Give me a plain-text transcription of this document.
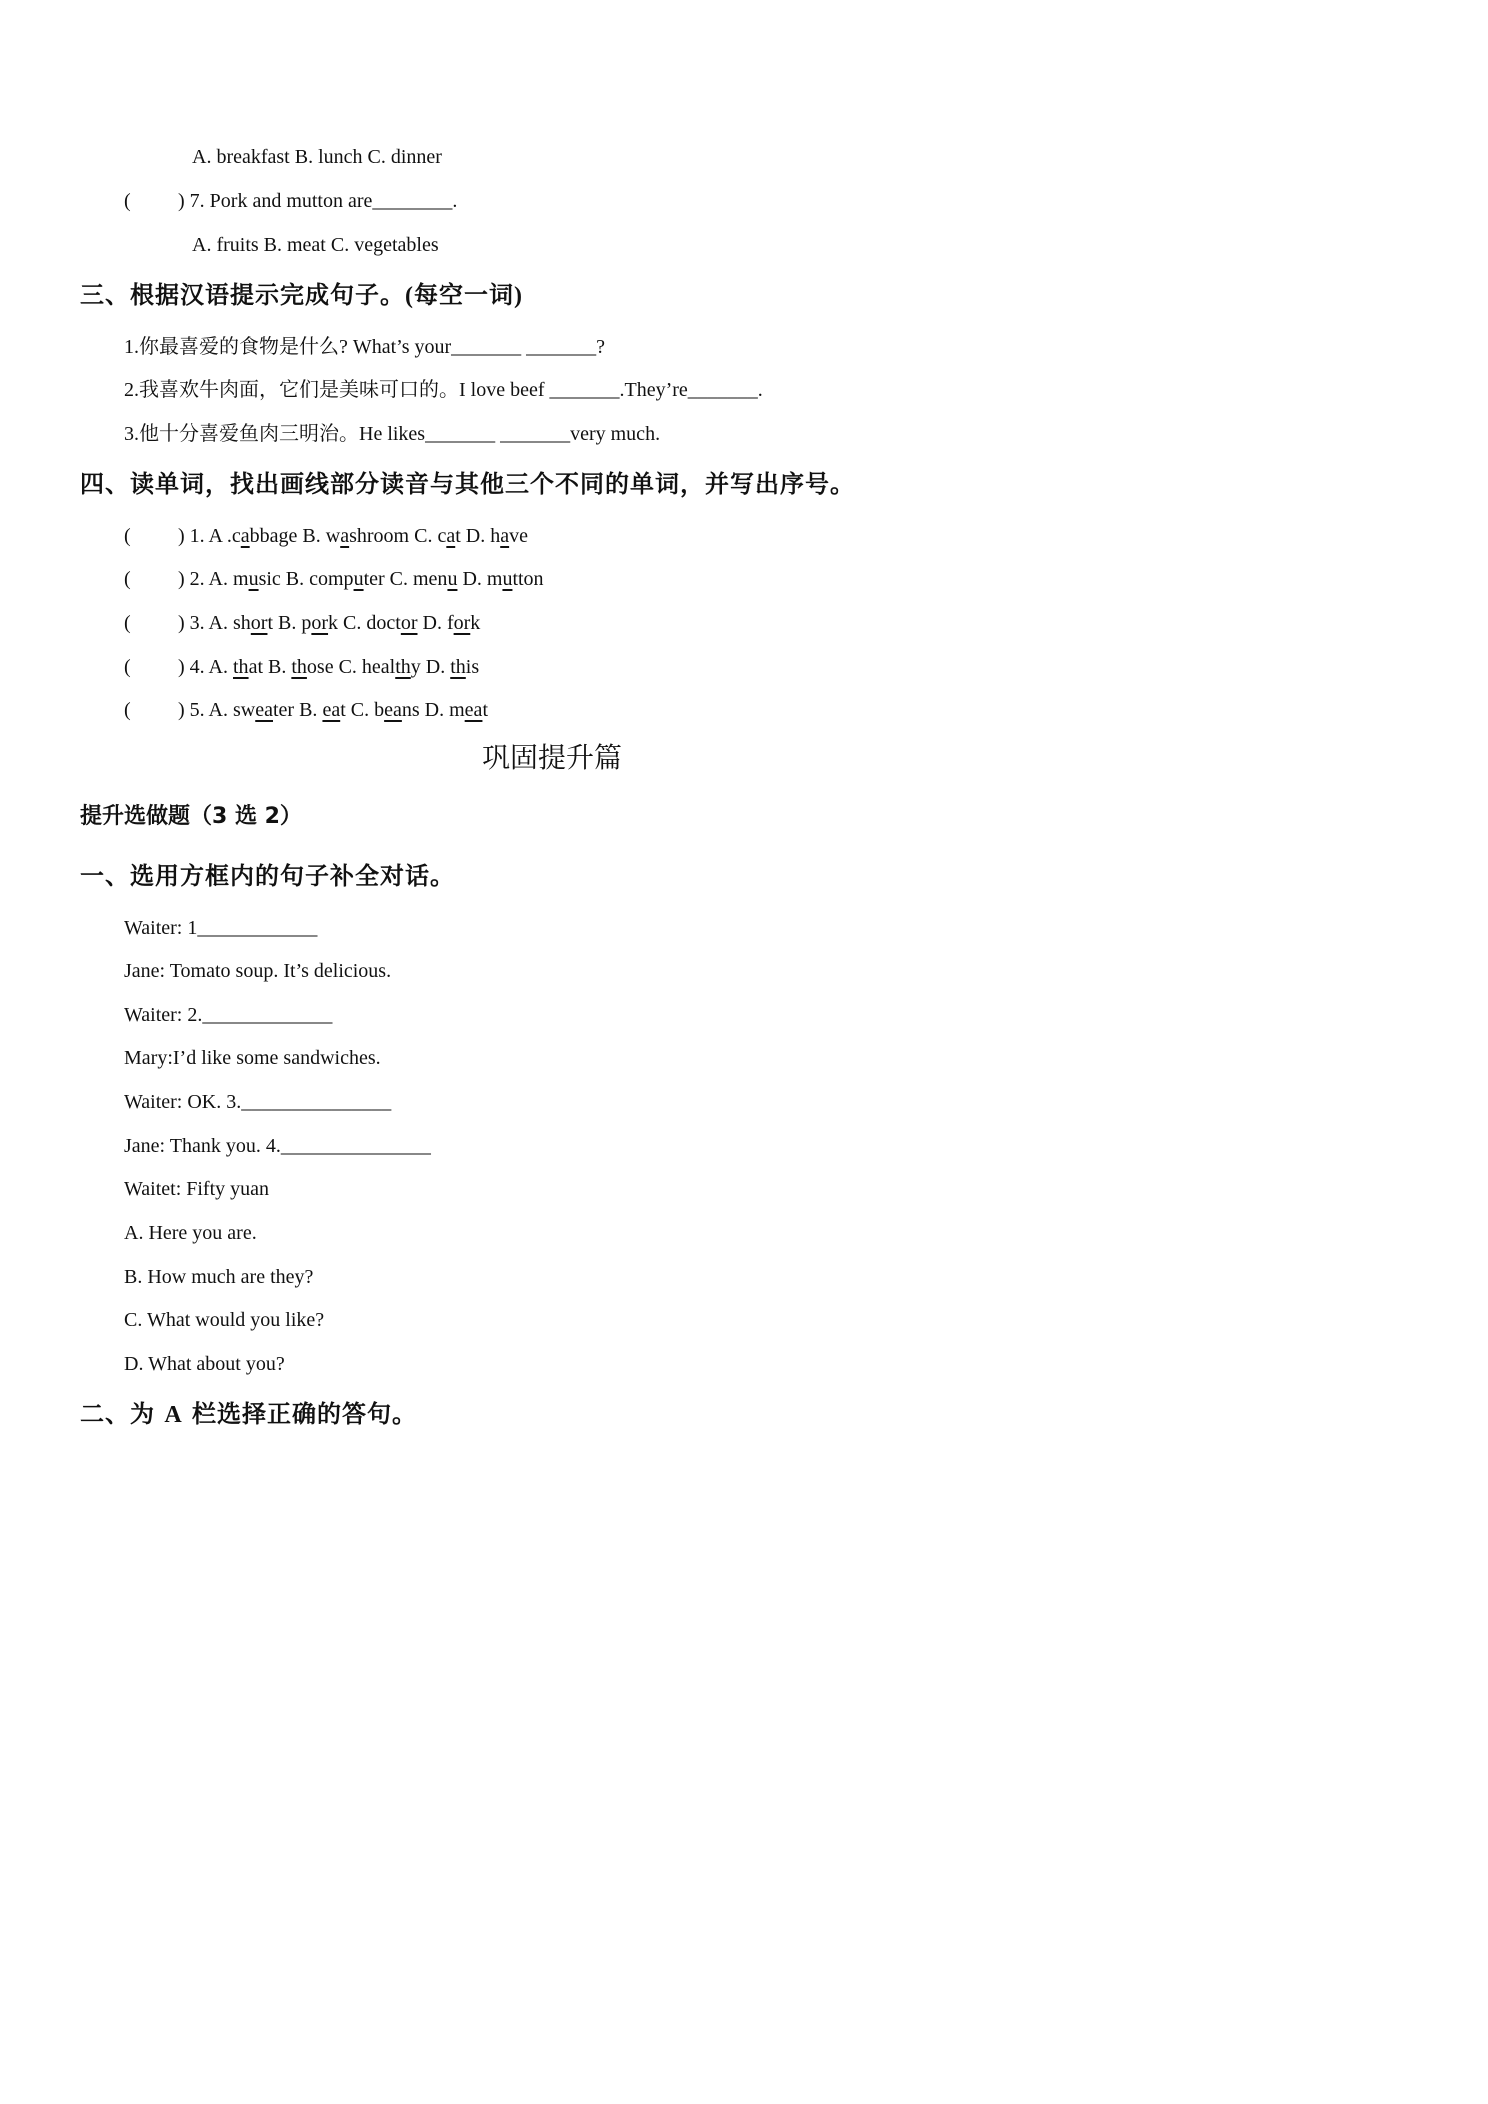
A. breakfast B. lunch C. dinner
( ) 7. Pork and mutton are________.
A. fruits B. meat C. vegetables
三、根据汉语提示完成句子。(每空一词)
1.你最喜爱的食物是什么? What’s your_______ _______?
2.我喜欢牛肉面，它们是美味可口的。I love beef _______.They’re_______.
3.他十分喜爱鱼肉三明治。He likes_______ _______very much.
四、读单词，找出画线部分读音与其他三个不同的单词，并写出序号。
( ) 1. A .cabbage B. washroom C. cat D. have
( ) 2. A. music B. computer C. menu D. mutton
( ) 3. A. short B. pork C. doctor D. fork
( ) 4. A. that B. those C. healthy D. this
( ) 5. A. sweater B. eat C. beans D. meat
巩固提升篇
提升选做题（3 选 2）
一、选用方框内的句子补全对话。
Waiter: 1____________
Jane: Tomato soup. It’s delicious.
Waiter: 2._____________
Mary:I’d like some sandwiches.
Waiter: OK. 3._______________
Jane: Thank you. 4._______________
Waitet: Fifty yuan
A. Here you are.
B. How much are they?
C. What would you like?
D. What about you?
二、为 A 栏选择正确的答句。
